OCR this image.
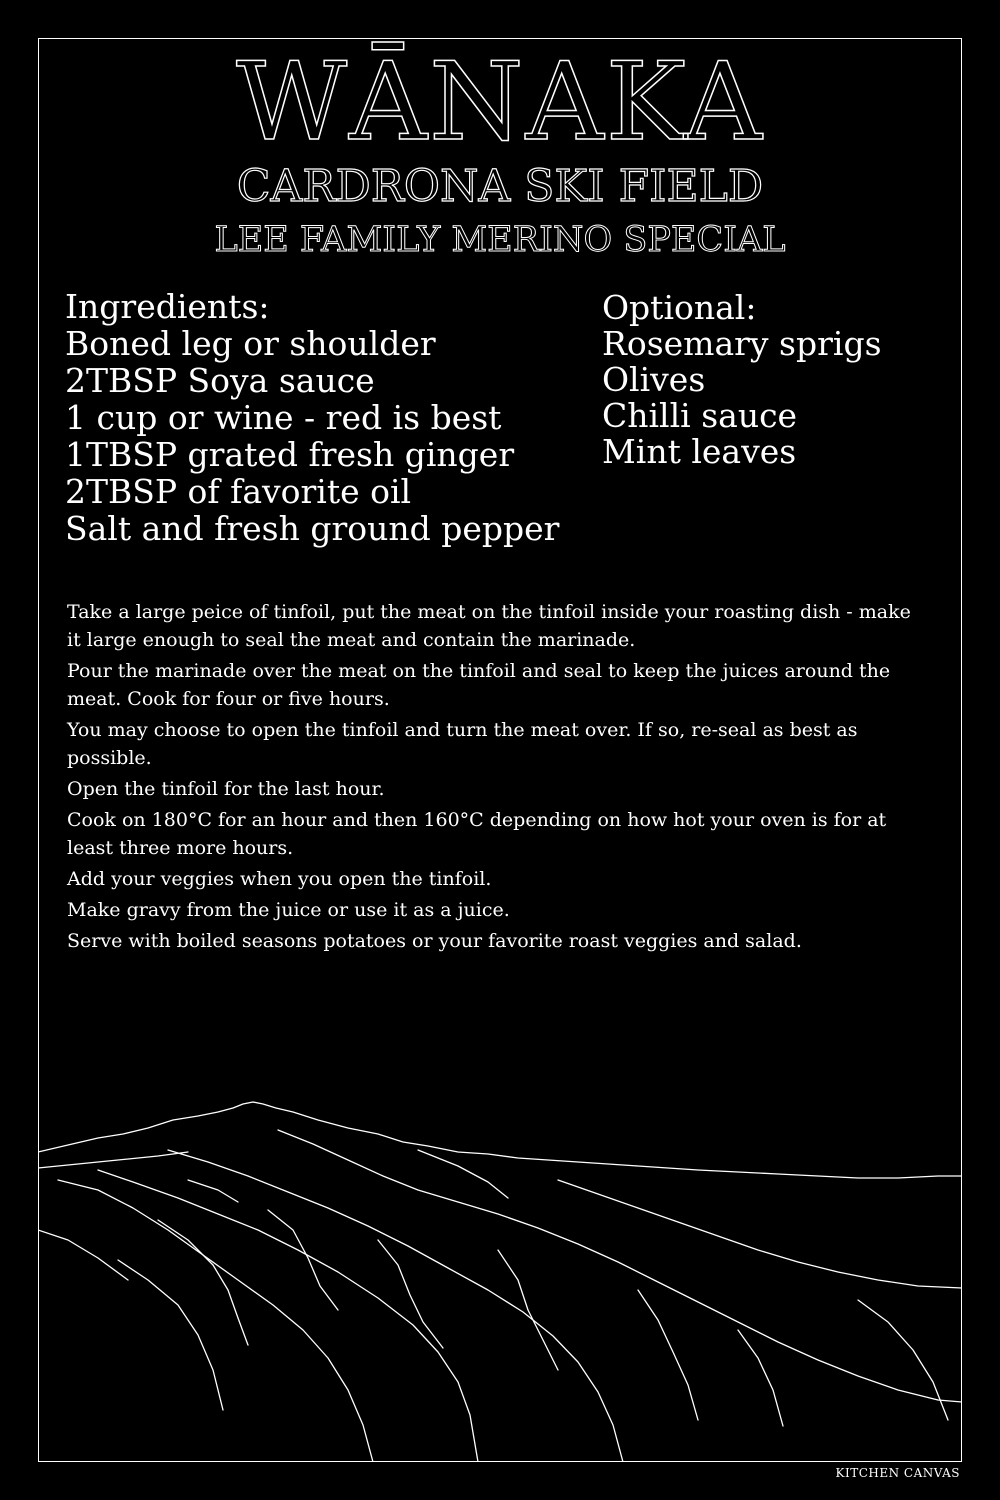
WĀNAKA
CARDRONA SKI FIELD
LEE FAMILY MERINO SPECIAL
Ingredients:
Boned leg or shoulder
2TBSP Soya sauce
1 cup or wine - red is best
1TBSP grated fresh ginger
2TBSP of favorite oil
Salt and fresh ground pepper
Optional:
Rosemary sprigs
Olives
Chilli sauce
Mint leaves
Take a large peice of tinfoil, put the meat on the tinfoil inside your roasting dish - make it large enough to seal the meat and contain the marinade.
Pour the marinade over the meat on the tinfoil and seal to keep the juices around the meat. Cook for four or five hours.
You may choose to open the tinfoil and turn the meat over. If so, re-seal as best as possible.
Open the tinfoil for the last hour.
Cook on 180°C for an hour and then 160°C depending on how hot your oven is for at least three more hours.
Add your veggies when you open the tinfoil.
Make gravy from the juice or use it as a juice.
Serve with boiled seasons potatoes or your favorite roast veggies and salad.
KITCHEN CANVAS
